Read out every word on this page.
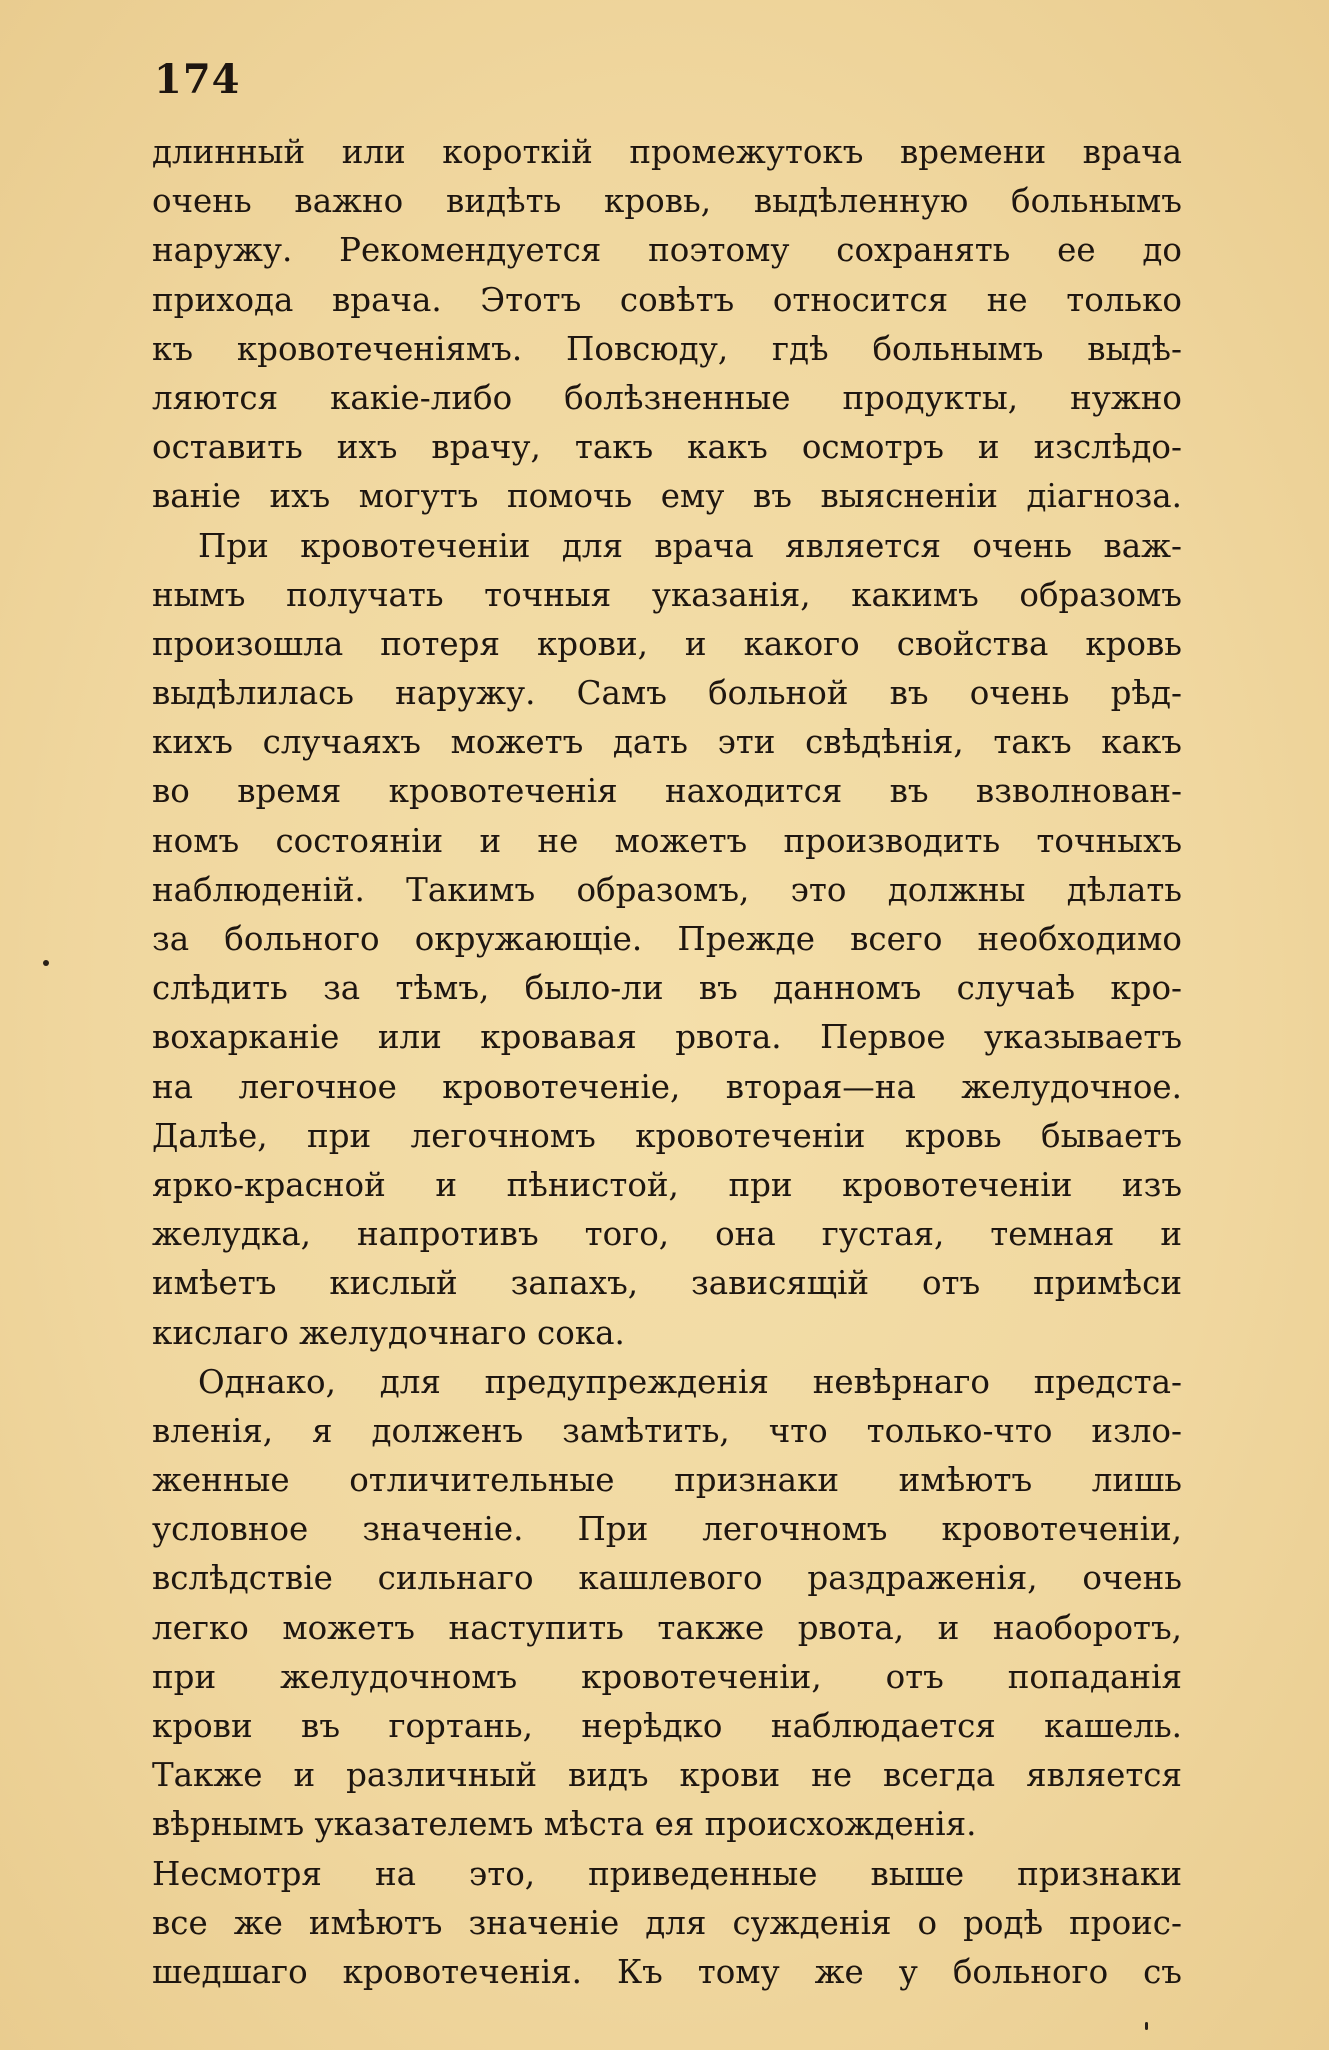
174
длинный или короткій промежутокъ времени врача
очень важно видѣть кровь, выдѣленную больнымъ
наружу. Рекомендуется поэтому сохранять ее до
прихода врача. Этотъ совѣтъ относится не только
къ кровотеченіямъ. Повсюду, гдѣ больнымъ выдѣ-
ляются какіе-либо болѣзненные продукты, нужно
оставить ихъ врачу, такъ какъ осмотръ и изслѣдо-
ваніе ихъ могутъ помочь ему въ выясненіи діагноза.
При кровотеченіи для врача является очень важ-
нымъ получать точныя указанія, какимъ образомъ
произошла потеря крови, и какого свойства кровь
выдѣлилась наружу. Самъ больной въ очень рѣд-
кихъ случаяхъ можетъ дать эти свѣдѣнія, такъ какъ
во время кровотеченія находится въ взволнован-
номъ состояніи и не можетъ производить точныхъ
наблюденій. Такимъ образомъ, это должны дѣлать
за больного окружающіе. Прежде всего необходимо
слѣдить за тѣмъ, было-ли въ данномъ случаѣ кро-
вохарканіе или кровавая рвота. Первое указываетъ
на легочное кровотеченіе, вторая—на желудочное.
Далѣе, при легочномъ кровотеченіи кровь бываетъ
ярко-красной и пѣнистой, при кровотеченіи изъ
желудка, напротивъ того, она густая, темная и
имѣетъ кислый запахъ, зависящій отъ примѣси
кислаго желудочнаго сока.
Однако, для предупрежденія невѣрнаго предста-
вленія, я долженъ замѣтить, что только-что изло-
женные отличительные признаки имѣютъ лишь
условное значеніе. При легочномъ кровотеченіи,
вслѣдствіе сильнаго кашлевого раздраженія, очень
легко можетъ наступить также рвота, и наоборотъ,
при желудочномъ кровотеченіи, отъ попаданія
крови въ гортань, нерѣдко наблюдается кашель.
Также и различный видъ крови не всегда является
вѣрнымъ указателемъ мѣста ея происхожденія.
Несмотря на это, приведенные выше признаки
все же имѣютъ значеніе для сужденія о родѣ проис-
шедшаго кровотеченія. Къ тому же у больного съ
